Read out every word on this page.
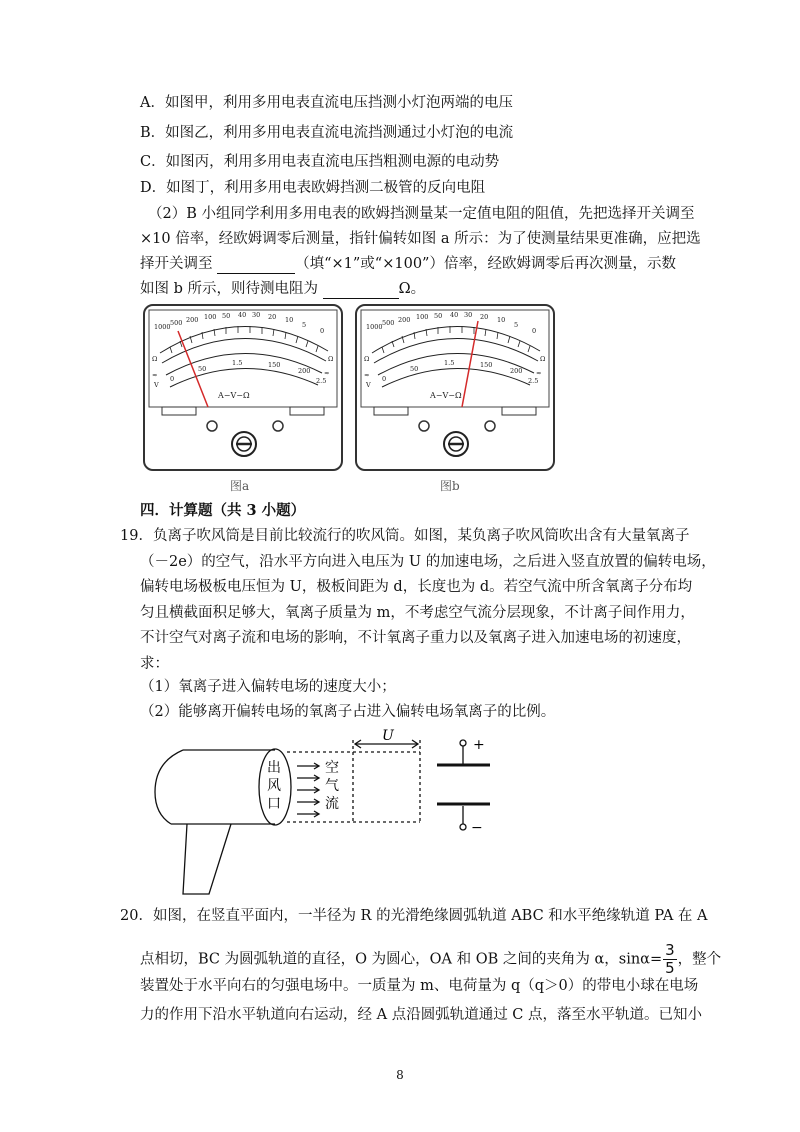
A．如图甲，利用多用电表直流电压挡测小灯泡两端的电压
B．如图乙，利用多用电表直流电流挡测通过小灯泡的电流
C．如图丙，利用多用电表直流电压挡粗测电源的电动势
D．如图丁，利用多用电表欧姆挡测二极管的反向电阻
（2）B 小组同学利用多用电表的欧姆挡测量某一定值电阻的阻值，先把选择开关调至
×10 倍率，经欧姆调零后测量，指针偏转如图 a 所示：为了使测量结果更准确，应把选
择开关调至	（填“×1”或“×100”）倍率，经欧姆调零后再次测量，示数
如图 b 所示，则待测电阻为	Ω。
图a	图b
四．计算题（共 3 小题）
19．负离子吹风筒是目前比较流行的吹风筒。如图，某负离子吹风筒吹出含有大量氧离子
（－2e）的空气，沿水平方向进入电压为 U 的加速电场，之后进入竖直放置的偏转电场，
偏转电场极板电压恒为 U，极板间距为 d，长度也为 d。若空气流中所含氧离子分布均
匀且横截面积足够大，氧离子质量为 m，不考虑空气流分层现象，不计离子间作用力，
不计空气对离子流和电场的影响，不计氧离子重力以及氧离子进入加速电场的初速度，
求：
（1）氧离子进入偏转电场的速度大小；
（2）能够离开偏转电场的氧离子占进入偏转电场氧离子的比例。
U
+
−
出
风
口
空
气
流
20．如图，在竖直平面内，一半径为 R 的光滑绝缘圆弧轨道 ABC 和水平绝缘轨道 PA 在 A
点相切，BC 为圆弧轨道的直径，O 为圆心，OA 和 OB 之间的夹角为 α，$\sin\alpha= \frac{3}{5}$ ，整个
装置处于水平向右的匀强电场中。一质量为 m、电荷量为 q（q＞0）的带电小球在电场
力的作用下沿水平轨道向右运动，经 A 点沿圆弧轨道通过 C 点，落至水平轨道。已知小
8
